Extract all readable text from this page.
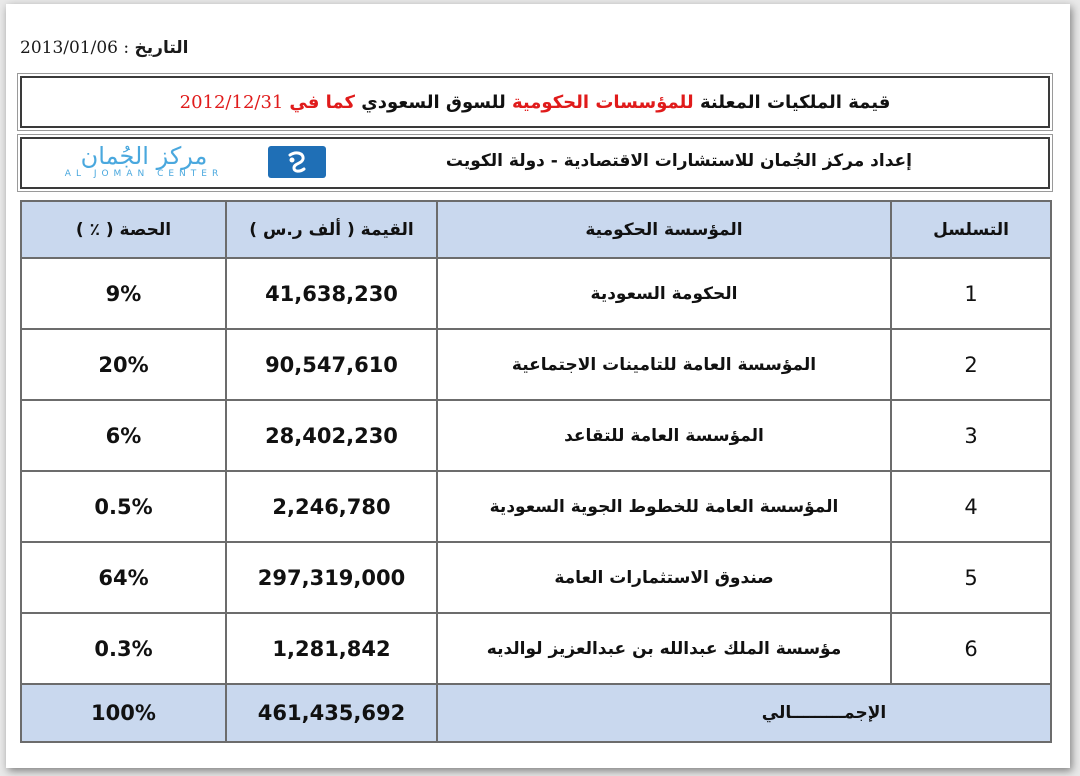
التاريخ : 2013/01/06
قيمة الملكيات المعلنة

للمؤسسات الحكومية

للسوق السعودي

كما في
2012/12/31
إعداد مركز الجُمان للاستشارات الاقتصادية - دولة الكويت
مركز الجُمان
AL JOMAN CENTER
الحصة ( ٪ )	القيمة ( ألف ر.س )	المؤسسة الحكومية	التسلسل
9%	41,638,230	الحكومة السعودية	1
20%	90,547,610	المؤسسة العامة للتامينات الاجتماعية	2
6%	28,402,230	المؤسسة العامة للتقاعد	3
0.5%	2,246,780	المؤسسة العامة للخطوط الجوية السعودية	4
64%	297,319,000	صندوق الاستثمارات العامة	5
0.3%	1,281,842	مؤسسة الملك عبدالله بن عبدالعزيز لوالديه	6
100%	461,435,692	الإجمـــــــــالي	
